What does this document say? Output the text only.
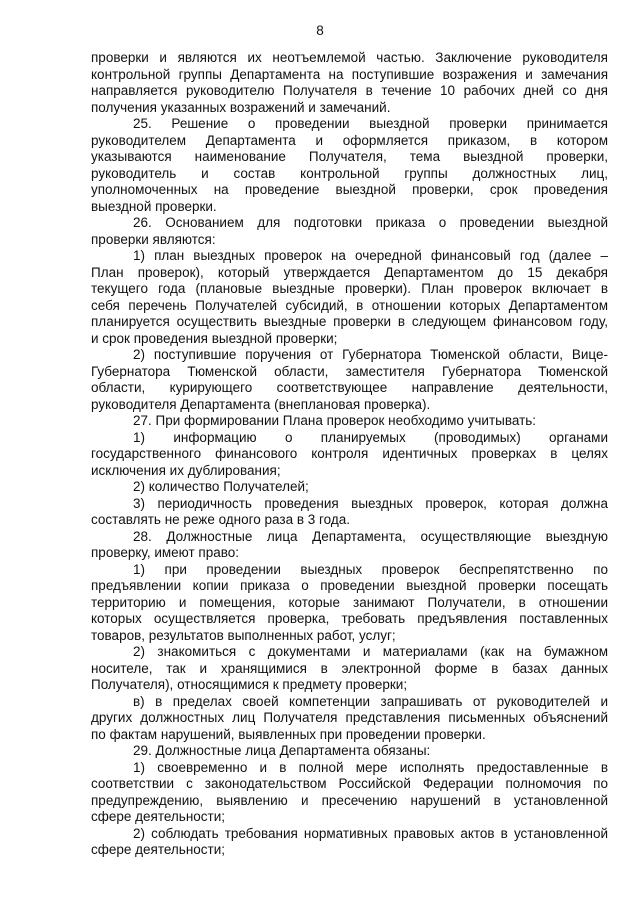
8
проверки и являются их неотъемлемой частью. Заключение руководителя
контрольной группы Департамента на поступившие возражения и замечания
направляется руководителю Получателя в течение 10 рабочих дней со дня
получения указанных возражений и замечаний.
25. Решение о проведении выездной проверки принимается
руководителем Департамента и оформляется приказом, в котором
указываются наименование Получателя, тема выездной проверки,
руководитель и состав контрольной группы должностных лиц,
уполномоченных на проведение выездной проверки, срок проведения
выездной проверки.
26. Основанием для подготовки приказа о проведении выездной
проверки являются:
1) план выездных проверок на очередной финансовый год (далее –
План проверок), который утверждается Департаментом до 15 декабря
текущего года (плановые выездные проверки). План проверок включает в
себя перечень Получателей субсидий, в отношении которых Департаментом
планируется осуществить выездные проверки в следующем финансовом году,
и срок проведения выездной проверки;
2) поступившие поручения от Губернатора Тюменской области, Вице-
Губернатора Тюменской области, заместителя Губернатора Тюменской
области, курирующего соответствующее направление деятельности,
руководителя Департамента (внеплановая проверка).
27. При формировании Плана проверок необходимо учитывать:
1) информацию о планируемых (проводимых) органами
государственного финансового контроля идентичных проверках в целях
исключения их дублирования;
2) количество Получателей;
3) периодичность проведения выездных проверок, которая должна
составлять не реже одного раза в 3 года.
28. Должностные лица Департамента, осуществляющие выездную
проверку, имеют право:
1) при проведении выездных проверок беспрепятственно по
предъявлении копии приказа о проведении выездной проверки посещать
территорию и помещения, которые занимают Получатели, в отношении
которых осуществляется проверка, требовать предъявления поставленных
товаров, результатов выполненных работ, услуг;
2) знакомиться с документами и материалами (как на бумажном
носителе, так и хранящимися в электронной форме в базах данных
Получателя), относящимися к предмету проверки;
в) в пределах своей компетенции запрашивать от руководителей и
других должностных лиц Получателя представления письменных объяснений
по фактам нарушений, выявленных при проведении проверки.
29. Должностные лица Департамента обязаны:
1) своевременно и в полной мере исполнять предоставленные в
соответствии с законодательством Российской Федерации полномочия по
предупреждению, выявлению и пресечению нарушений в установленной
сфере деятельности;
2) соблюдать требования нормативных правовых актов в установленной
сфере деятельности;
